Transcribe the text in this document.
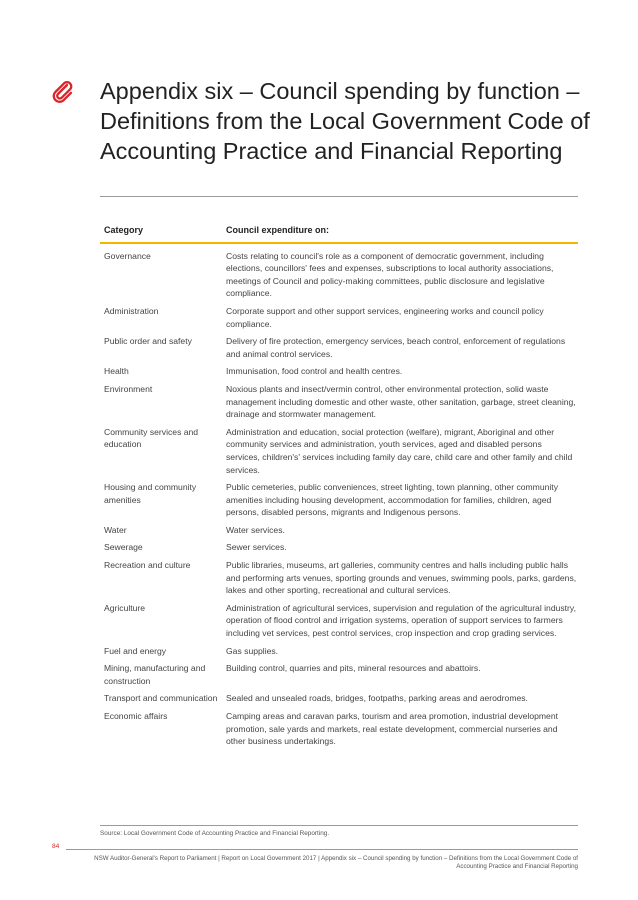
Appendix six – Council spending by function – Definitions from the Local Government Code of Accounting Practice and Financial Reporting
Category	Council expenditure on:
Governance	Costs relating to council's role as a component of democratic government, including elections, councillors' fees and expenses, subscriptions to local authority associations, meetings of Council and policy-making committees, public disclosure and legislative compliance.
Administration	Corporate support and other support services, engineering works and council policy compliance.
Public order and safety	Delivery of fire protection, emergency services, beach control, enforcement of regulations and animal control services.
Health	Immunisation, food control and health centres.
Environment	Noxious plants and insect/vermin control, other environmental protection, solid waste management including domestic and other waste, other sanitation, garbage, street cleaning, drainage and stormwater management.
Community services and education	Administration and education, social protection (welfare), migrant, Aboriginal and other community services and administration, youth services, aged and disabled persons services, children's' services including family day care, child care and other family and child services.
Housing and community amenities	Public cemeteries, public conveniences, street lighting, town planning, other community amenities including housing development, accommodation for families, children, aged persons, disabled persons, migrants and Indigenous persons.
Water	Water services.
Sewerage	Sewer services.
Recreation and culture	Public libraries, museums, art galleries, community centres and halls including public halls and performing arts venues, sporting grounds and venues, swimming pools, parks, gardens, lakes and other sporting, recreational and cultural services.
Agriculture	Administration of agricultural services, supervision and regulation of the agricultural industry, operation of flood control and irrigation systems, operation of support services to farmers including vet services, pest control services, crop inspection and crop grading services.
Fuel and energy	Gas supplies.
Mining, manufacturing and construction	Building control, quarries and pits, mineral resources and abattoirs.
Transport and communication	Sealed and unsealed roads, bridges, footpaths, parking areas and aerodromes.
Economic affairs	Camping areas and caravan parks, tourism and area promotion, industrial development promotion, sale yards and markets, real estate development, commercial nurseries and other business undertakings.
Source: Local Government Code of Accounting Practice and Financial Reporting.
84
NSW Auditor-General's Report to Parliament | Report on Local Government 2017 | Appendix six – Council spending by function – Definitions from the Local Government Code of Accounting Practice and Financial Reporting
